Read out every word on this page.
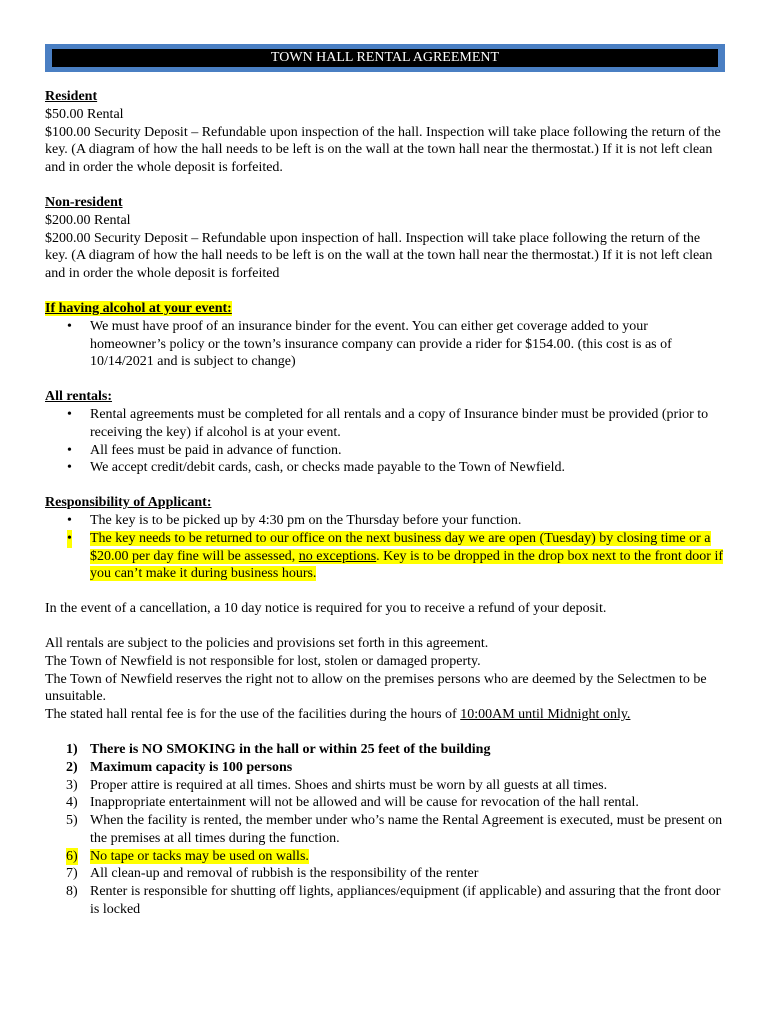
TOWN HALL RENTAL AGREEMENT

Resident

$50.00 Rental

$100.00 Security Deposit – Refundable upon inspection of the hall. Inspection will take place following the return of the key. (A diagram of how the hall needs to be left is on the wall at the town hall near the thermostat.) If it is not left clean and in order the whole deposit is forfeited.

Non-resident

$200.00 Rental

$200.00 Security Deposit – Refundable upon inspection of hall. Inspection will take place following the return of the key. (A diagram of how the hall needs to be left is on the wall at the town hall near the thermostat.) If it is not left clean and in order the whole deposit is forfeited

If having alcohol at your event:

• We must have proof of an insurance binder for the event. You can either get coverage added to your homeowner’s policy or the town’s insurance company can provide a rider for $154.00. (this cost is as of 10/14/2021 and is subject to change)

All rentals:

• Rental agreements must be completed for all rentals and a copy of Insurance binder must be provided (prior to receiving the key) if alcohol is at your event.
• All fees must be paid in advance of function.
• We accept credit/debit cards, cash, or checks made payable to the Town of Newfield.

Responsibility of Applicant:

• The key is to be picked up by 4:30 pm on the Thursday before your function.
• The key needs to be returned to our office on the next business day we are open (Tuesday) by closing time or a $20.00 per day fine will be assessed, no exceptions. Key is to be dropped in the drop box next to the front door if you can’t make it during business hours.

In the event of a cancellation, a 10 day notice is required for you to receive a refund of your deposit.

All rentals are subject to the policies and provisions set forth in this agreement.

The Town of Newfield is not responsible for lost, stolen or damaged property.

The Town of Newfield reserves the right not to allow on the premises persons who are deemed by the Selectmen to be unsuitable.

The stated hall rental fee is for the use of the facilities during the hours of 10:00AM until Midnight only.

1) There is NO SMOKING in the hall or within 25 feet of the building
2) Maximum capacity is 100 persons
3) Proper attire is required at all times. Shoes and shirts must be worn by all guests at all times.
4) Inappropriate entertainment will not be allowed and will be cause for revocation of the hall rental.
5) When the facility is rented, the member under who’s name the Rental Agreement is executed, must be present on the premises at all times during the function.
6) No tape or tacks may be used on walls.
7) All clean-up and removal of rubbish is the responsibility of the renter
8) Renter is responsible for shutting off lights, appliances/equipment (if applicable) and assuring that the front door is locked
